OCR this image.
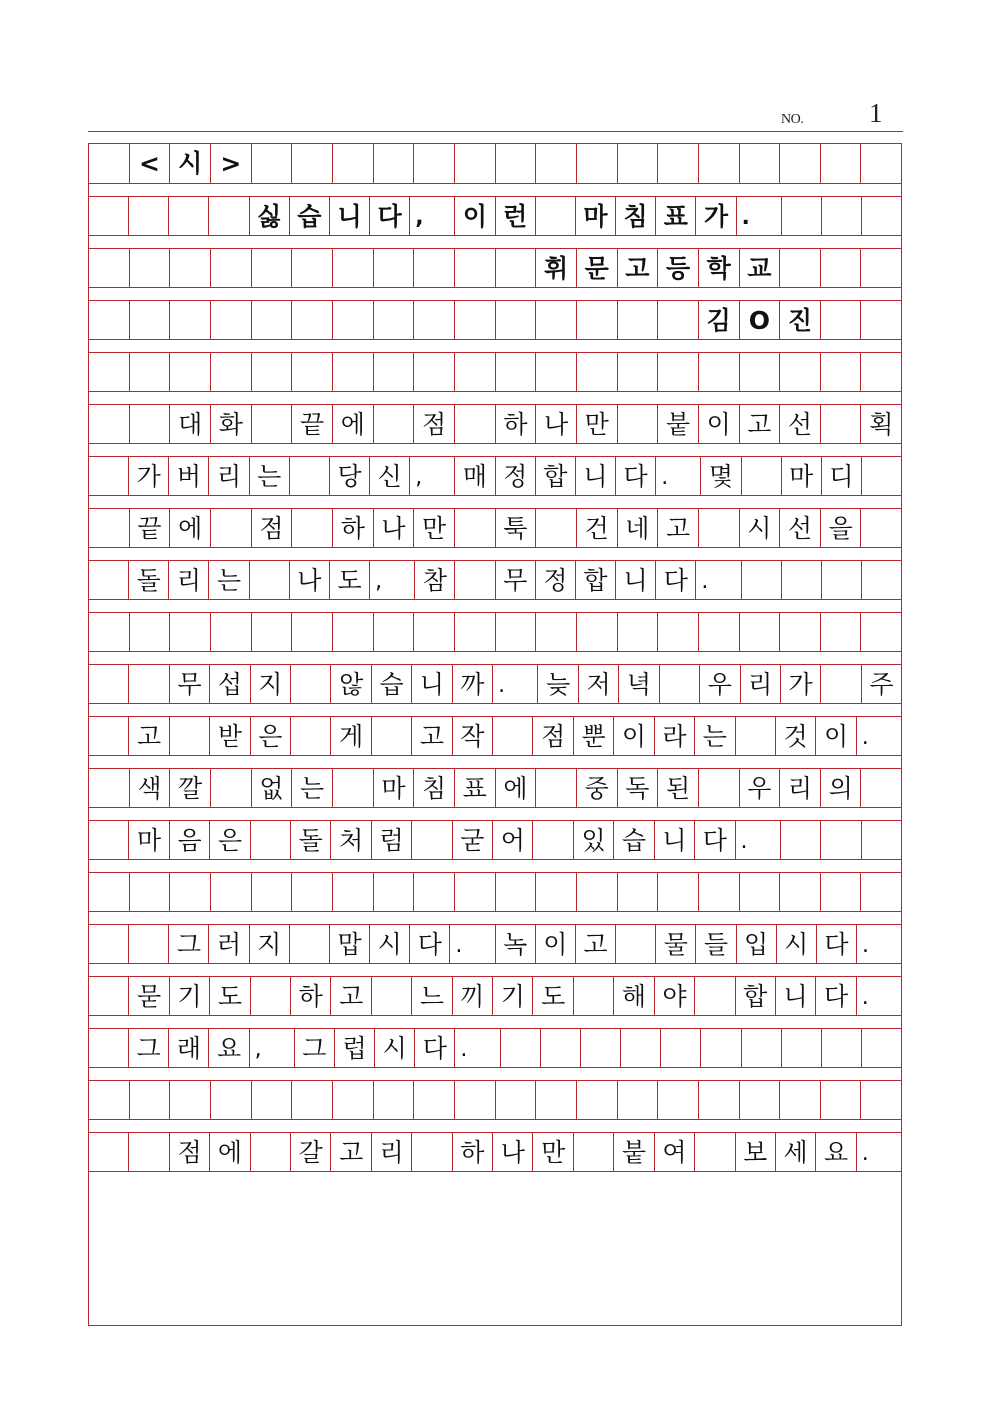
NO. 1
< 시 >
싫 습 니 다 ,	이 런	마 침 표 가 .
휘 문 고 등 학 교
김 O 진
대 화	끝 에	점	하 나 만	붙 이 고 선	획
가 버 리 는	당 신 ,	매 정 합 니 다 .	몇	마 디
끝 에	점	하 나 만	툭	건 네 고	시 선 을
돌 리 는	나 도 ,	참	무 정 합 니 다 .
무 섭 지	않 습 니 까 .	늦 저 녁	우 리 가	주
고	받 은	게	고 작	점 뿐 이 라 는	것 이 .
색 깔	없 는	마 침 표 에	중 독 된	우 리 의
마 음 은	돌 처 럼	굳 어	있 습 니 다 .
그 러 지	맙 시 다 .	녹 이 고	물 들 입 시 다 .
묻 기 도	하 고	느 끼 기 도	해 야	합 니 다 .
그 래 요 ,	그 럽 시 다 .
점 에	갈 고 리	하 나 만	붙 여	보 세 요 .
